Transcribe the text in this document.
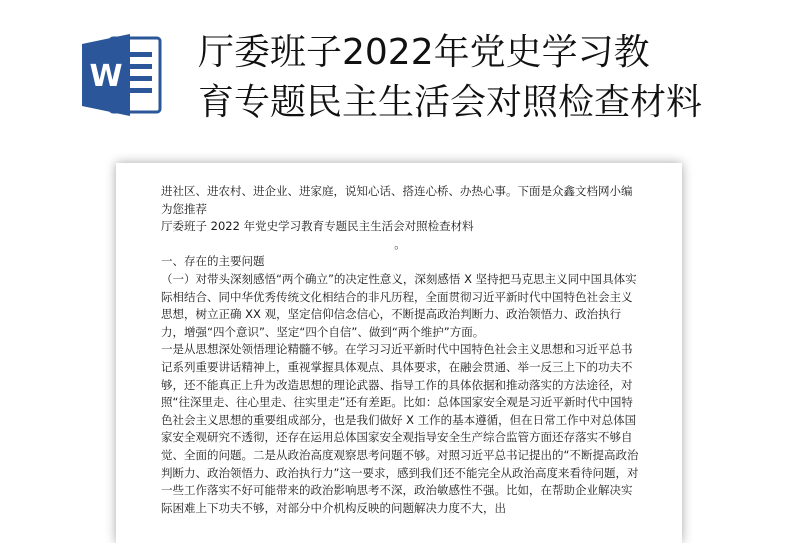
W
厅委班子2022年党史学习教
育专题民主生活会对照检查材料

进社区、进农村、进企业、进家庭，说知心话、搭连心桥、办热心事。下面是众鑫文档网小编为您推荐

厅委班子 2022 年党史学习教育专题民主生活会对照检查材料

。

一、存在的主要问题

（一）对带头深刻感悟“两个确立”的决定性意义，深刻感悟 X 坚持把马克思主义同中国具体实际相结合、同中华优秀传统文化相结合的非凡历程，全面贯彻习近平新时代中国特色社会主义思想，树立正确 XX 观，坚定信仰信念信心，不断提高政治判断力、政治领悟力、政治执行力，增强“四个意识”、坚定“四个自信”、做到“两个维护”方面。

一是从思想深处领悟理论精髓不够。在学习习近平新时代中国特色社会主义思想和习近平总书记系列重要讲话精神上，重视掌握具体观点、具体要求，在融会贯通、举一反三上下的功夫不够，还不能真正上升为改造思想的理论武器、指导工作的具体依据和推动落实的方法途径，对照“往深里走、往心里走、往实里走”还有差距。比如：总体国家安全观是习近平新时代中国特色社会主义思想的重要组成部分，也是我们做好 X 工作的基本遵循，但在日常工作中对总体国家安全观研究不透彻，还存在运用总体国家安全观指导安全生产综合监管方面还存落实不够自觉、全面的问题。二是从政治高度观察思考问题不够。对照习近平总书记提出的“不断提高政治判断力、政治领悟力、政治执行力”这一要求，感到我们还不能完全从政治高度来看待问题，对一些工作落实不好可能带来的政治影响思考不深，政治敏感性不强。比如，在帮助企业解决实际困难上下功夫不够，对部分中介机构反映的问题解决力度不大，出
